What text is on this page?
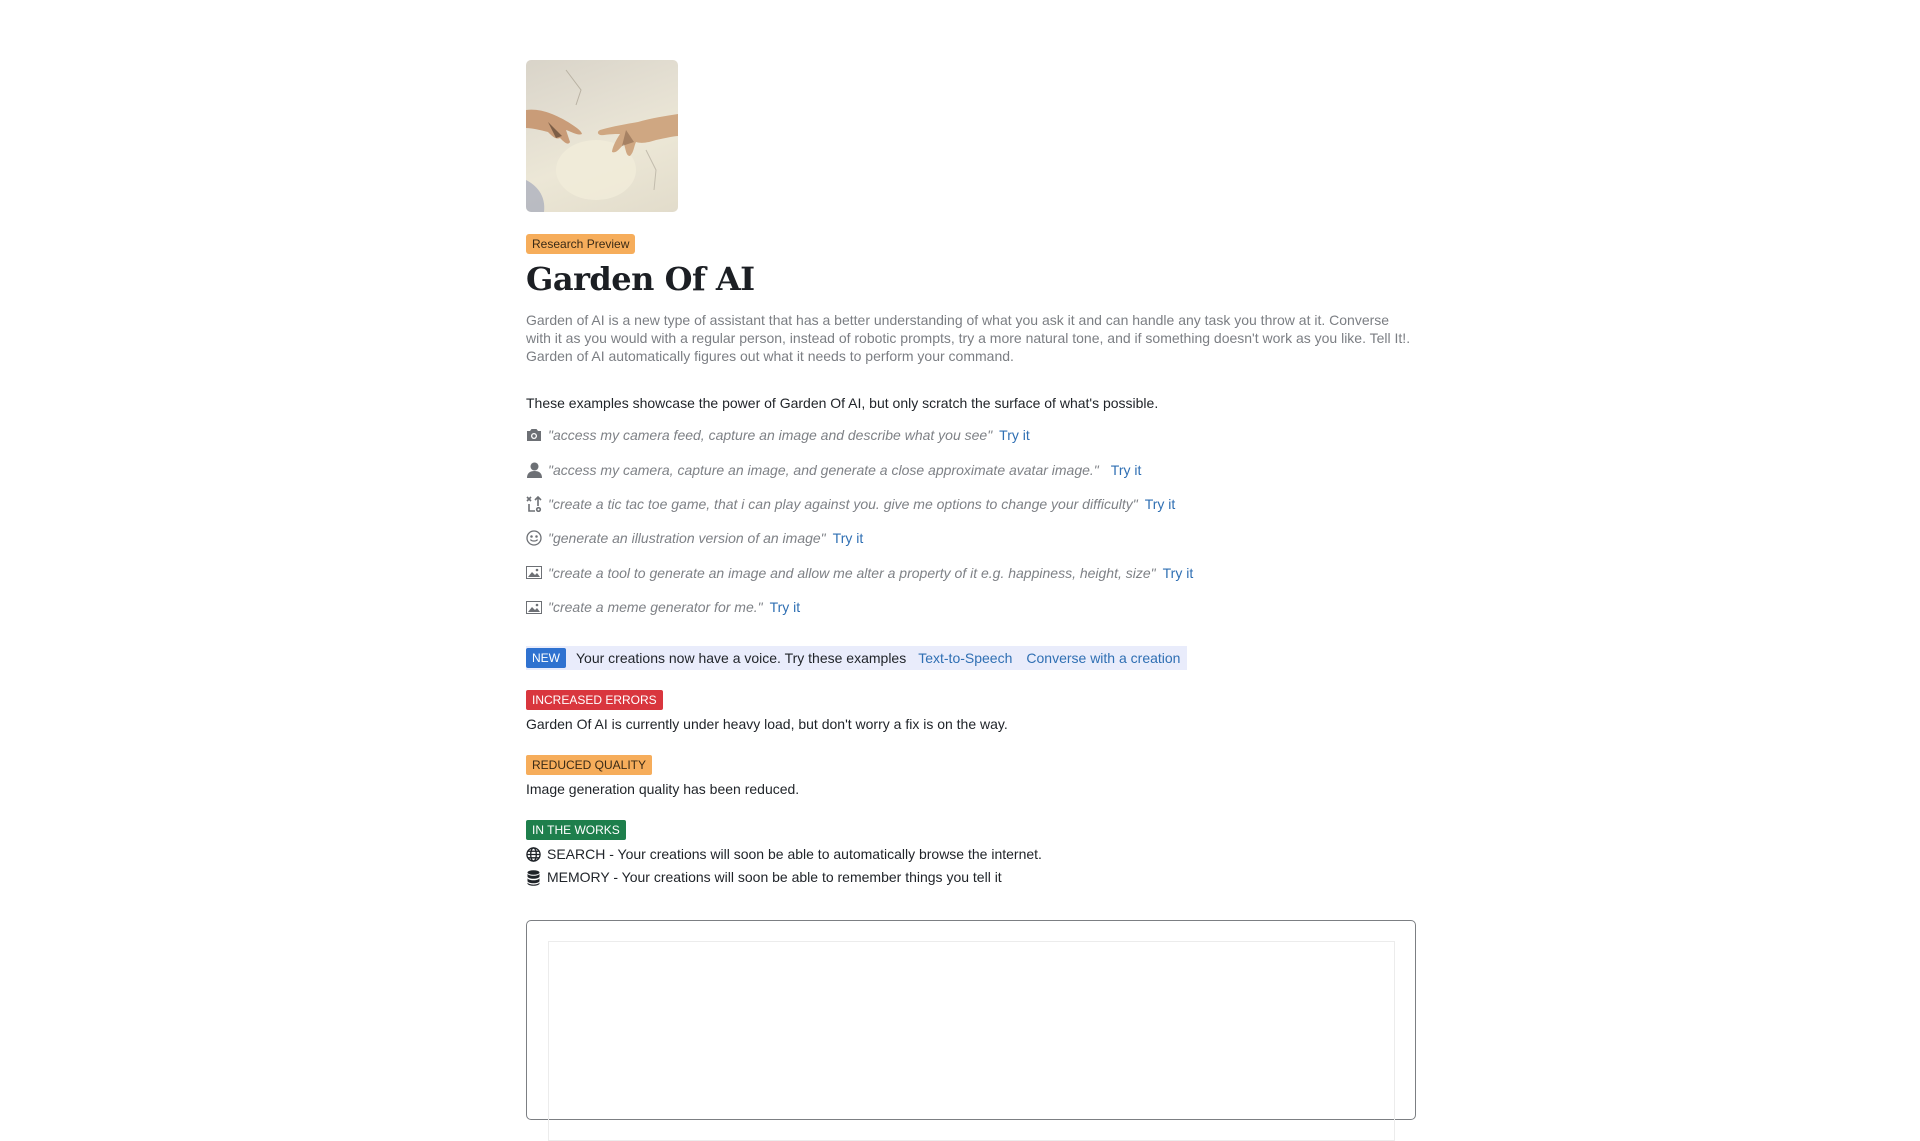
Research Preview
Garden Of AI

Garden of AI is a new type of assistant that has a better understanding of what you ask it and can handle any task you throw at it. Converse with it as you would with a regular person, instead of robotic prompts, try a more natural tone, and if something doesn't work as you like. Tell It!. Garden of AI automatically figures out what it needs to perform your command.

These examples showcase the power of Garden Of AI, but only scratch the surface of what's possible.

"access my camera feed, capture an image and describe what you see" Try it
"access my camera, capture an image, and generate a close approximate avatar image." Try it
"create a tic tac toe game, that i can play against you. give me options to change your difficulty" Try it
"generate an illustration version of an image" Try it
"create a tool to generate an image and allow me alter a property of it e.g. happiness, height, size" Try it
"create a meme generator for me." Try it
NEW	Your creations now have a voice. Try these examples Text-to-Speech Converse with a creation
INCREASED ERRORS

Garden Of AI is currently under heavy load, but don't worry a fix is on the way.

REDUCED QUALITY

Image generation quality has been reduced.

IN THE WORKS
SEARCH - Your creations will soon be able to automatically browse the internet.
MEMORY - Your creations will soon be able to remember things you tell it
